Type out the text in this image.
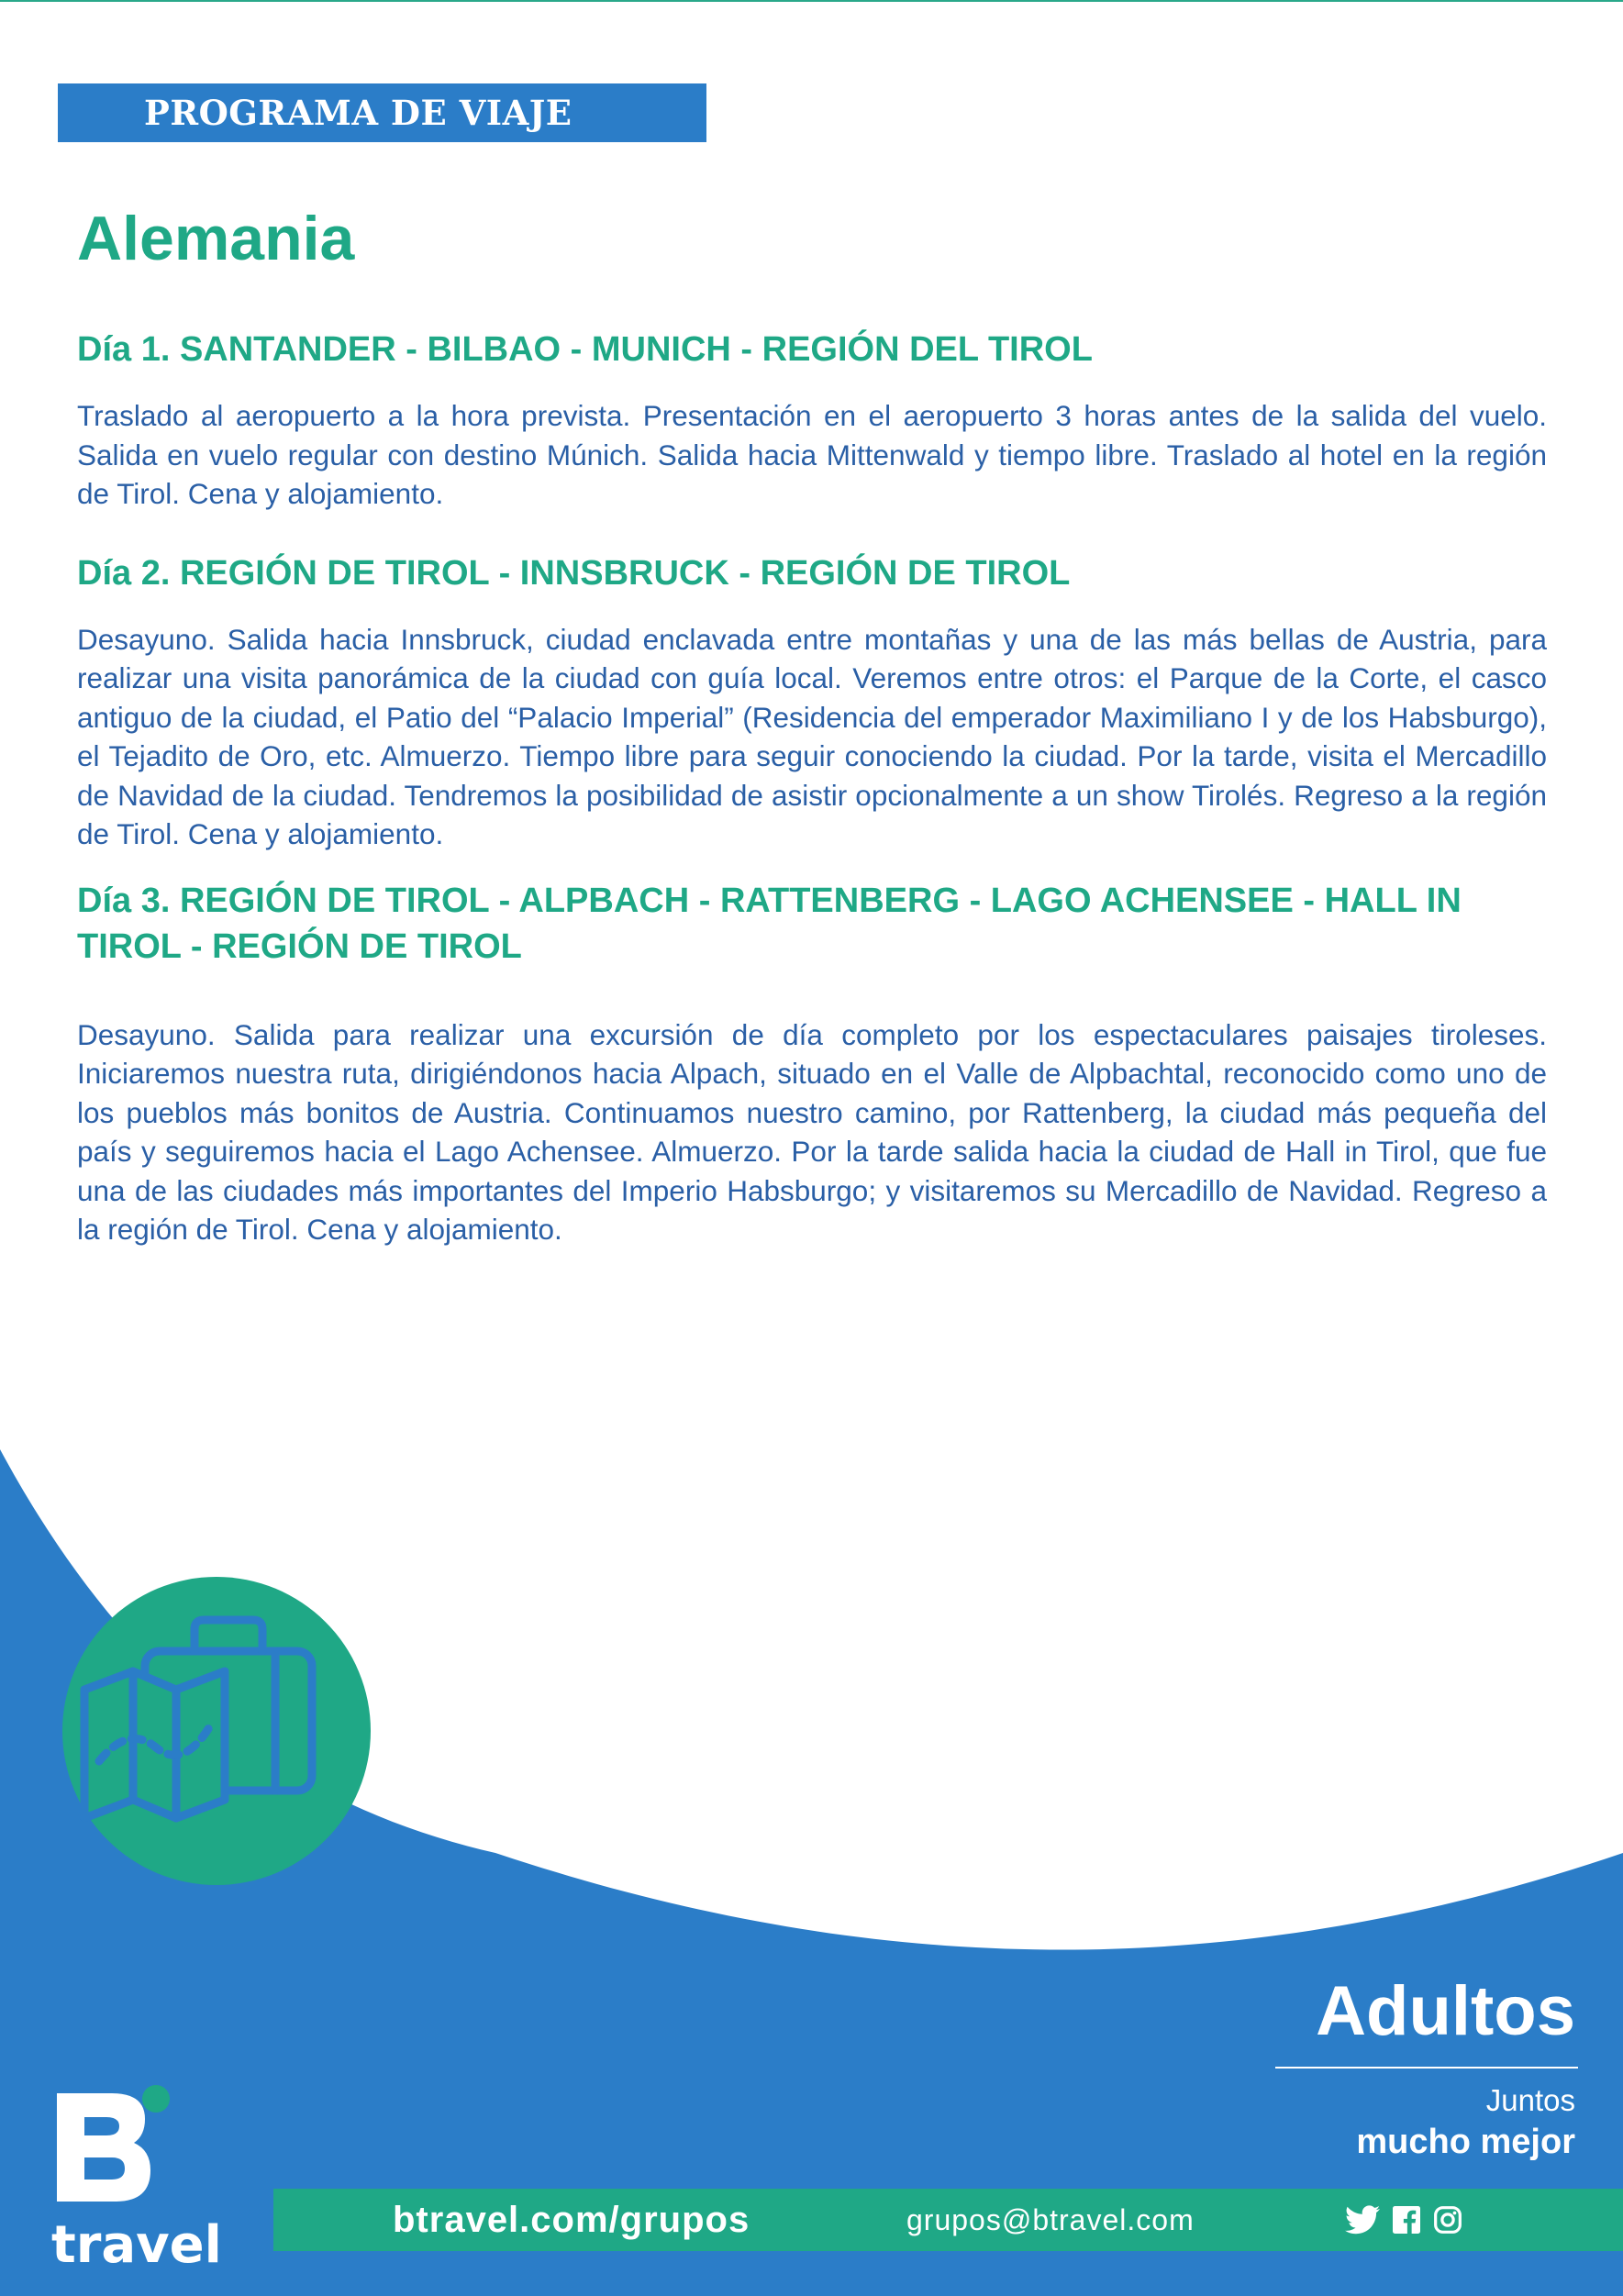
PROGRAMA DE VIAJE
Alemania
Día 1. SANTANDER - BILBAO - MUNICH - REGIÓN DEL TIROL

Traslado al aeropuerto a la hora prevista. Presentación en el aeropuerto 3 horas antes de la salida del vuelo. Salida en vuelo regular con destino Múnich. Salida hacia Mittenwald y tiempo libre. Traslado al hotel en la región de Tirol. Cena y alojamiento.

Día 2. REGIÓN DE TIROL - INNSBRUCK - REGIÓN DE TIROL

Desayuno. Salida hacia Innsbruck, ciudad enclavada entre montañas y una de las más bellas de Austria, para realizar una visita panorámica de la ciudad con guía local. Veremos entre otros: el Parque de la Corte, el casco antiguo de la ciudad, el Patio del “Palacio Imperial” (Residencia del emperador Maximiliano I y de los Habsburgo), el Tejadito de Oro, etc. Almuerzo. Tiempo libre para seguir conociendo la ciudad. Por la tarde, visita el Mercadillo de Navidad de la ciudad. Tendremos la posibilidad de asistir opcionalmente a un show Tirolés. Regreso a la región de Tirol. Cena y alojamiento.

Día 3. REGIÓN DE TIROL - ALPBACH - RATTENBERG - LAGO ACHENSEE - HALL IN TIROL - REGIÓN DE TIROL

Desayuno. Salida para realizar una excursión de día completo por los espectaculares paisajes tiroleses. Iniciaremos nuestra ruta, dirigiéndonos hacia Alpach, situado en el Valle de Alpbachtal, reconocido como uno de los pueblos más bonitos de Austria. Continuamos nuestro camino, por Rattenberg, la ciudad más pequeña del país y seguiremos hacia el Lago Achensee. Almuerzo. Por la tarde salida hacia la ciudad de Hall in Tirol, que fue una de las ciudades más importantes del Imperio Habsburgo; y visitaremos su Mercadillo de Navidad. Regreso a la región de Tirol. Cena y alojamiento.

Adultos
Juntos
mucho mejor
travel	btravel.com/grupos	grupos@btravel.com
